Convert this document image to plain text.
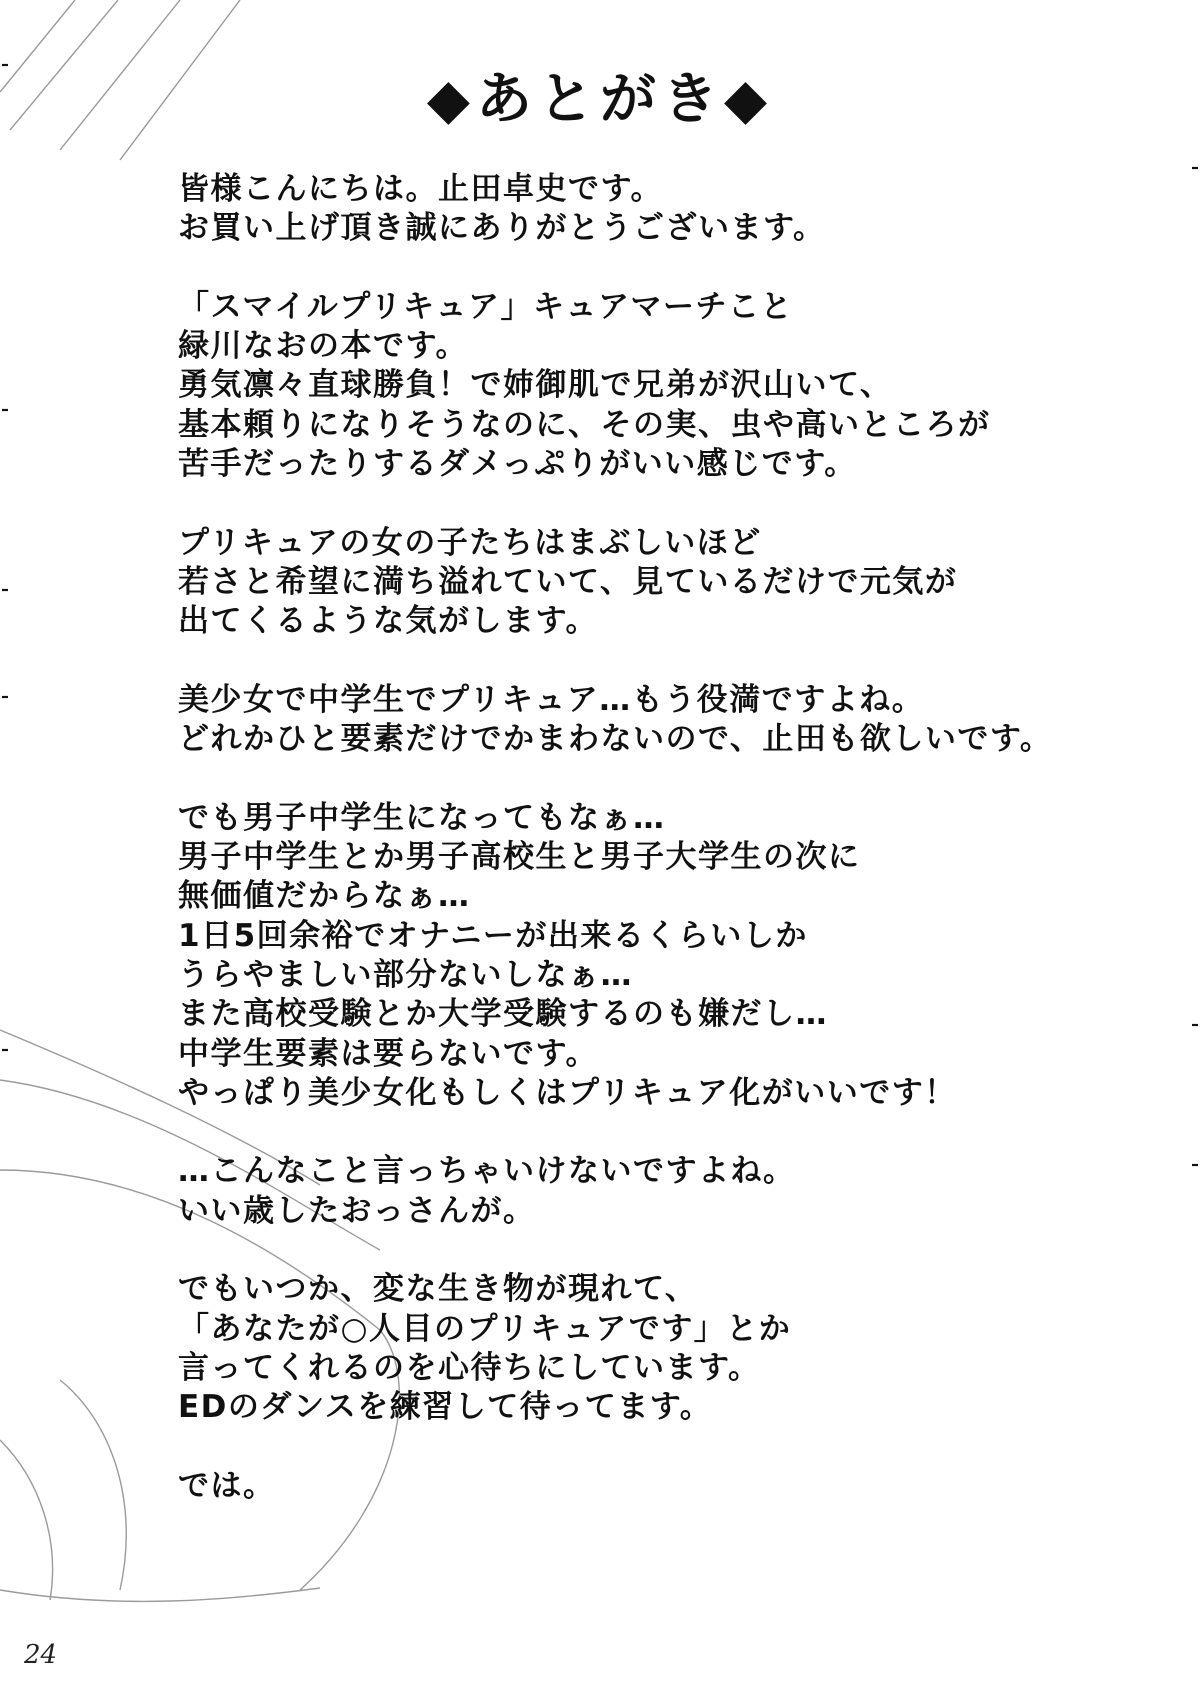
◆あとがき◆
皆様こんにちは。止田卓史です。
お買い上げ頂き誠にありがとうございます。
「スマイルプリキュア」キュアマーチこと
緑川なおの本です。
勇気凛々直球勝負！で姉御肌で兄弟が沢山いて、
基本頼りになりそうなのに、その実、虫や高いところが
苦手だったりするダメっぷりがいい感じです。
プリキュアの女の子たちはまぶしいほど
若さと希望に満ち溢れていて、見ているだけで元気が
出てくるような気がします。
美少女で中学生でプリキュア…もう役満ですよね。
どれかひと要素だけでかまわないので、止田も欲しいです。
でも男子中学生になってもなぁ…
男子中学生とか男子高校生と男子大学生の次に
無価値だからなぁ…
1日5回余裕でオナニーが出来るくらいしか
うらやましい部分ないしなぁ…
また高校受験とか大学受験するのも嫌だし…
中学生要素は要らないです。
やっぱり美少女化もしくはプリキュア化がいいです！
…こんなこと言っちゃいけないですよね。
いい歳したおっさんが。
でもいつか、変な生き物が現れて、
「あなたが○人目のプリキュアです」とか
言ってくれるのを心待ちにしています。
EDのダンスを練習して待ってます。
では。
24
